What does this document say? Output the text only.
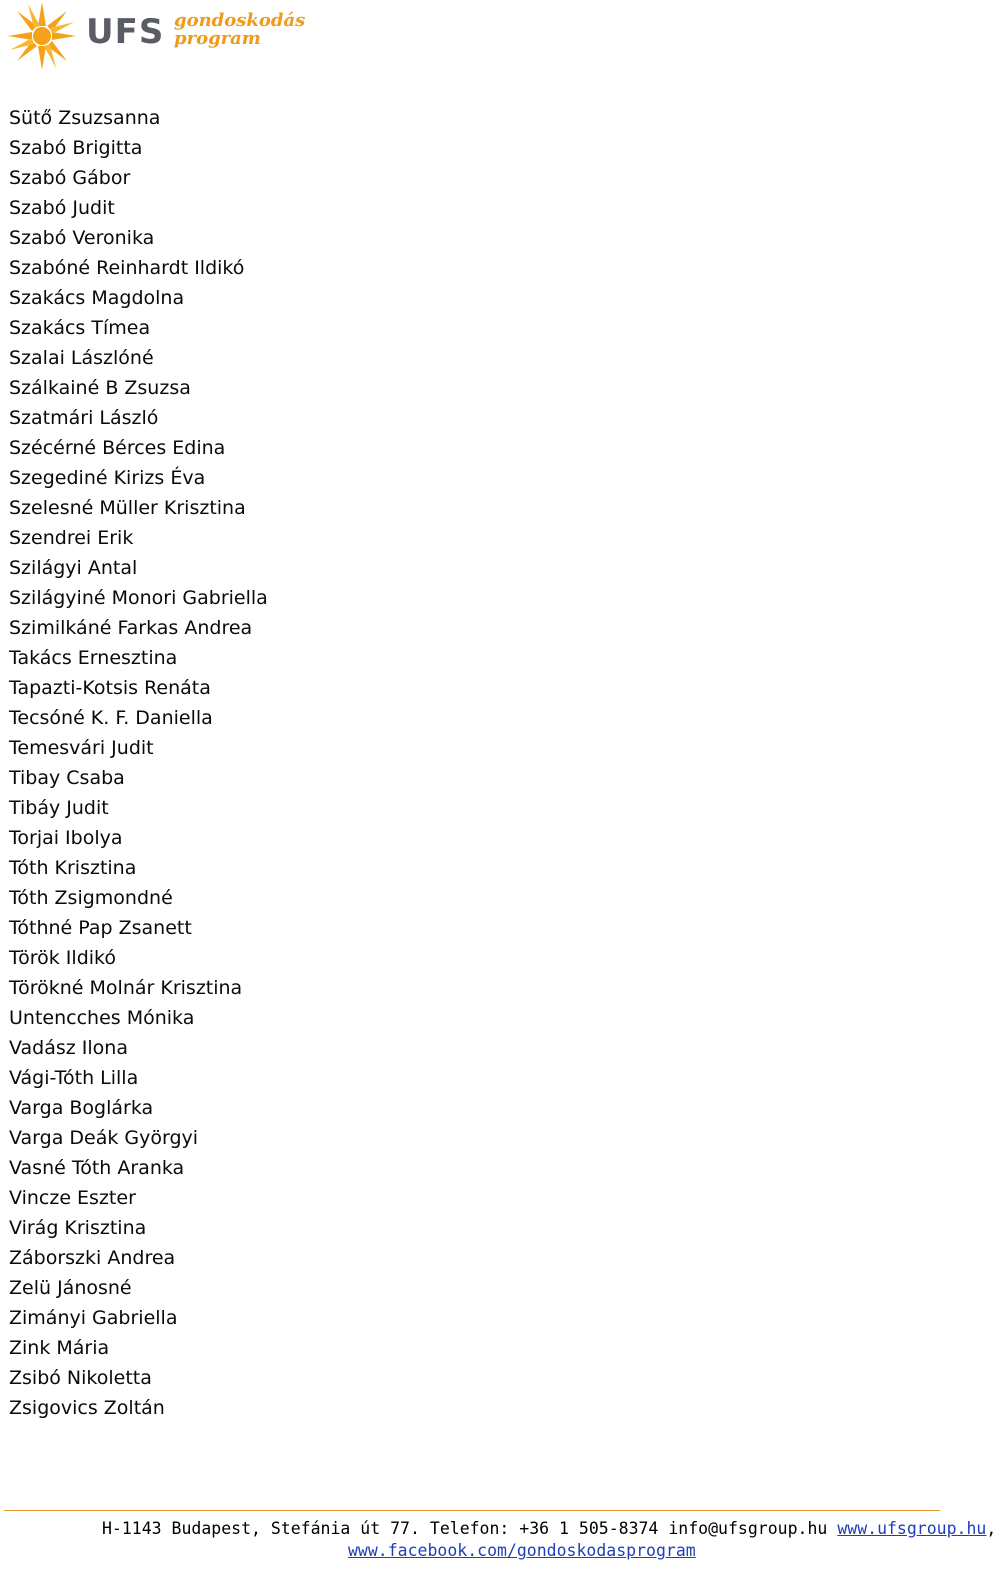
UFS gondoskodás
program
Sütő Zsuzsanna
Szabó Brigitta
Szabó Gábor
Szabó Judit
Szabó Veronika
Szabóné Reinhardt Ildikó
Szakács Magdolna
Szakács Tímea
Szalai Lászlóné
Szálkainé B Zsuzsa
Szatmári László
Szécérné Bérces Edina
Szegediné Kirizs Éva
Szelesné Müller Krisztina
Szendrei Erik
Szilágyi Antal
Szilágyiné Monori Gabriella
Szimilkáné Farkas Andrea
Takács Ernesztina
Tapazti-Kotsis Renáta
Tecsóné K. F. Daniella
Temesvári Judit
Tibay Csaba
Tibáy Judit
Torjai Ibolya
Tóth Krisztina
Tóth Zsigmondné
Tóthné Pap Zsanett
Török Ildikó
Törökné Molnár Krisztina
Untencches Mónika
Vadász Ilona
Vági-Tóth Lilla
Varga Boglárka
Varga Deák Györgyi
Vasné Tóth Aranka
Vincze Eszter
Virág Krisztina
Záborszki Andrea
Zelü Jánosné
Zimányi Gabriella
Zink Mária
Zsibó Nikoletta
Zsigovics Zoltán
H-1143 Budapest, Stefánia út 77. Telefon: +36 1 505-8374 info@ufsgroup.hu www.ufsgroup.hu,
www.facebook.com/gondoskodasprogram
